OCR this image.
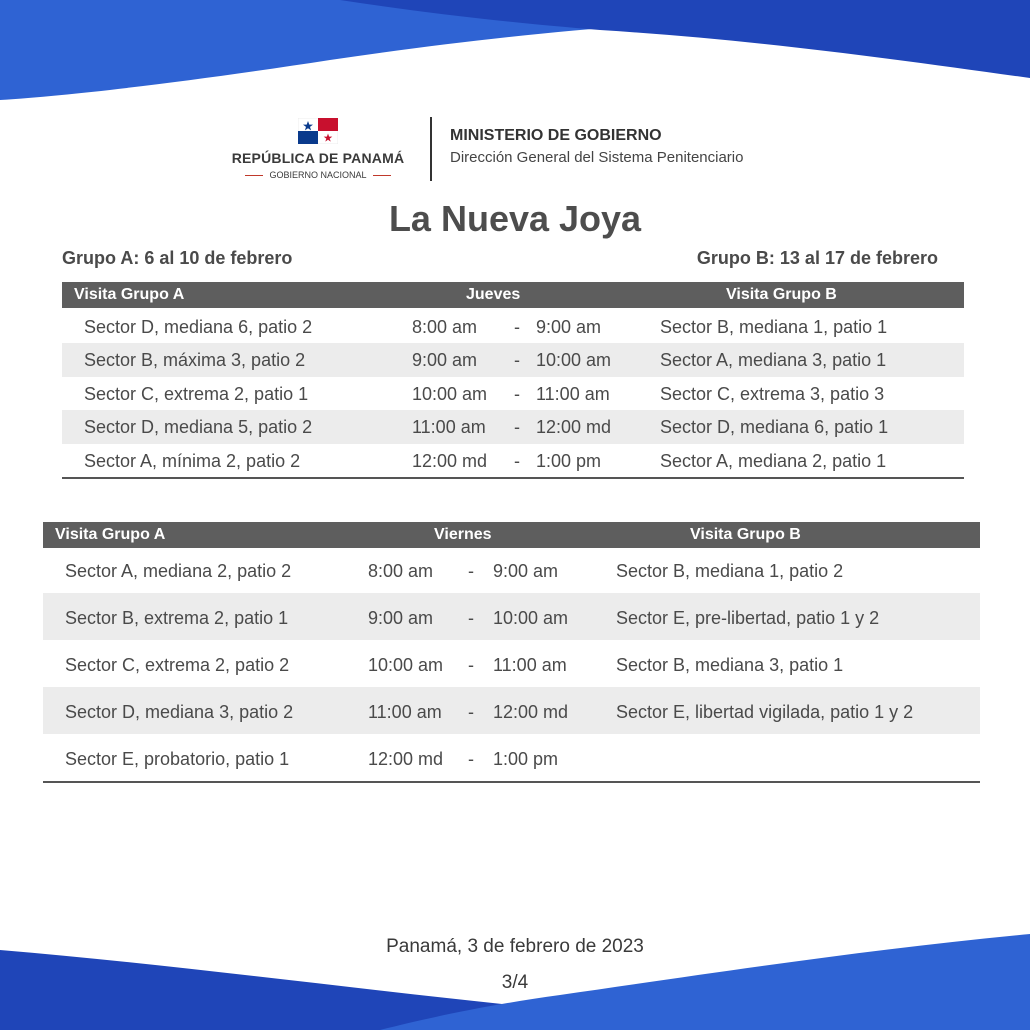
REPÚBLICA DE PANAMÁ
GOBIERNO NACIONAL
MINISTERIO DE GOBIERNO
Dirección General del Sistema Penitenciario
La Nueva Joya
Grupo A: 6 al 10 de febrero	Grupo B: 13 al 17 de febrero
Visita Grupo A	Jueves	Visita Grupo B
Sector D, mediana 6, patio 2	8:00 am - 9:00 am	Sector B, mediana 1, patio 1
Sector B, máxima 3, patio 2	9:00 am - 10:00 am	Sector A, mediana 3, patio 1
Sector C, extrema 2, patio 1	10:00 am - 11:00 am	Sector C, extrema 3, patio 3
Sector D, mediana 5, patio 2	11:00 am - 12:00 md	Sector D, mediana 6, patio 1
Sector A, mínima 2, patio 2	12:00 md - 1:00 pm	Sector A, mediana 2, patio 1
Visita Grupo A	Viernes	Visita Grupo B
Sector A, mediana 2, patio 2	8:00 am - 9:00 am	Sector B, mediana 1, patio 2
Sector B, extrema 2, patio 1	9:00 am - 10:00 am	Sector E, pre-libertad, patio 1 y 2
Sector C, extrema 2, patio 2	10:00 am - 11:00 am	Sector B, mediana 3, patio 1
Sector D, mediana 3, patio 2	11:00 am - 12:00 md	Sector E, libertad vigilada, patio 1 y 2
Sector E, probatorio, patio 1	12:00 md - 1:00 pm
Panamá, 3 de febrero de 2023
3/4
